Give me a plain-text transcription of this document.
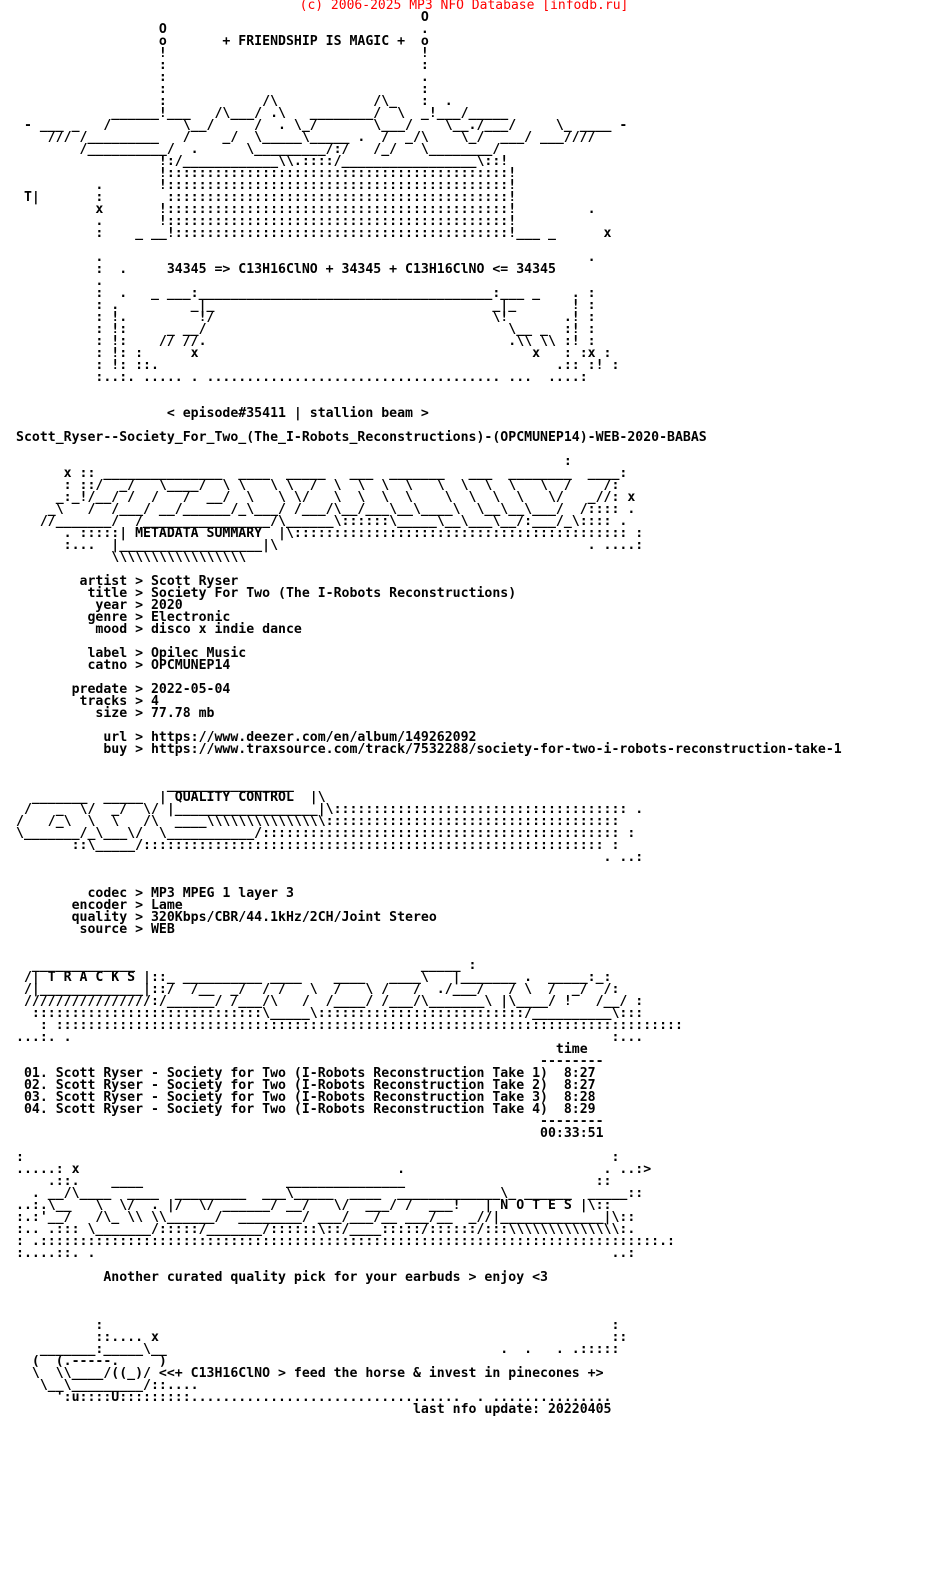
(c) 2006-2025 MP3 NFO Database [infodb.ru]
O
O                                .
o       + FRIENDSHIP IS MAGIC +  o
!                                !
:                                :
:                                .
:                                :
:            /\            /\_   :  .
______!___   /\___/ .\   ________/  \  _!___/_____
- ___ _   /         \__/     /  . \_/       \___/    \__./___/     \_ ____ -
/// /_________   /    _/  \_____\_____ .  /  _/\    \_/  ___/ ___////
/__________/  .      \_________/:/   /_/   \________/
!:/____________\\.::::/_________________\::!
!:::::::::::::::::::::::::::::::::::::::::::!
.       !:::::::::::::::::::::::::::::::::::::::::::!
T|       :        :::::::::::::::::::::::::::::::::::::::::::!
x       !:::::::::::::::::::::::::::::::::::::::::::!         .
.       !:::::::::::::::::::::::::::::::::::::::::::!
:    _ __!::::::::::::::::::::::::::::::::::::::::::!___ _      x

.                                                             .
:  .     34345 => C13H16ClNO + 34345 + C13H16ClNO <= 34345
.
:  .   _ ___:_____________________________________:___ _    . :
: .         _|_                                   _|_       ! :
: !.         !/                                   \!       .! :
: !:     _ __/                                      \__ _  :! :
: !:    // //.                                      .\\ \\ :! :
: !: :      x                                          x   : :x :
: !: ::.                                                  .:: :! :
:..:. ..... . ..................................... ...  ....:

< episode#35411 | stallion beam >

Scott_Ryser--Society_For_Two_(The_I-Robots_Reconstructions)-(OPCMUNEP14)-WEB-2020-BABAS

:
x :: _______________  ____  _____   ___  _______   ___  ________  ____:
: ::/  _/   \____/  \ \   \ \  /  \  \  \  \   \  \  \  \   \  /    /:
_:_!/__/ /  /   /  __/  \   \ \/   \  \  \  \    \  \  \  \   \/   _//: x
_\   /  /___/ __/______/_\___/ /___/\__/___\__\____\  \__\__\___/  /:::: .
//_______/  /________________/\______\::::::\_____\__\___\__/:___/_\:::: .
. :::::| METADATA SUMMARY  |\:::::::::::::::::::::::::::::::::::::::::: :
:...  |__________________|\                                       . ....:
\\\\\\\\\\\\\\\\\

artist > Scott Ryser
title > Society For Two (The I-Robots Reconstructions)
year > 2020
genre > Electronic
mood > disco x indie dance

label > Opilec Music
catno > OPCMUNEP14

predate > 2022-05-04
tracks > 4
size > 77.78 mb

url > https://www.deezer.com/en/album/149262092
buy > https://www.traxsource.com/track/7532288/society-for-two-i-robots-reconstruction-take-1

________________
_______  _____  | QUALITY CONTROL  |\
/   _  \/  _/  \/ |__________________|\::::::::::::::::::::::::::::::::::::: .
/   /_\  \  \   /\  ____\\\\\\\\\\\\\\\:::::::::::::::::::::::::::::::::::::
\_______/_\___\/  \___________/::::::::::::::::::::::::::::::::::::::::::::: :
::\_____/:::::::::::::::::::::::::::::::::::::::::::::::::::::::::: :
. ..:

codec > MP3 MPEG 1 layer 3
encoder > Lame
quality > 320Kbps/CBR/44.1kHz/2CH/Joint Stereo
source > WEB

_____________                                    _____ :
/| T R A C K S |::_ __________ ____    ____   ____\   |_______ .  _____:_:
/|_____________|::/  /__  _/  / /   \  /   \ /   /  ./___/   / \  /  _/  /:
////////////////:/______/ /___/\   /  /____/ /___/\_______\ |\____/ !   /__/ :
:::::::::::::::::::::::::::::\_____\::::::::::::::::::::::::::/__________\:::
: :::::::::::::::::::::::::::::::::::::::::::::::::::::::::::::::::::::::::::::::
...:. .                                                                    :...
time
--------
01. Scott Ryser - Society for Two (I-Robots Reconstruction Take 1)  8:27
02. Scott Ryser - Society for Two (I-Robots Reconstruction Take 2)  8:27
03. Scott Ryser - Society for Two (I-Robots Reconstruction Take 3)  8:28
04. Scott Ryser - Society for Two (I-Robots Reconstruction Take 4)  8:29
--------
00:33:51

:                                                                          :
.....: x                                        .                         . ..:>
.::.    ____                  _______________                        ::
. __/\____  ____  _________  ___\_____  ____  _____________\_ ______  _____::
..:.\__   \  \/  . |/  \/ ______/ __/   \/  ___/ /  ___!   | N O T E S |\::
:.:'__/   /\_ \\ \\______/  ________/ ___/___/__ ___/__  _//|_____________|\::
:.. .::: \_______/:::::/_______/::::::\::/____:::::/::::::/:::\\\\\\\\\\\\\\:.
: .::::::::::::::::::::::::::::::::::::::::::::::::::::::::::::::::::::::::::::::.:
:....::. .                                                                 ..:

Another curated quality pick for your earbuds > enjoy <3

:                                                                :
::.... x                                                         ::
_______:_____\__                                          .  .   . .:::::
(  (.-----.     )
\  \\____/((_)/ <<+ C13H16ClNO > feed the horse & invest in pinecones +>
\__\_________/::....
':u::::U:::::::::..................................  . ...............
last nfo update: 20220405
